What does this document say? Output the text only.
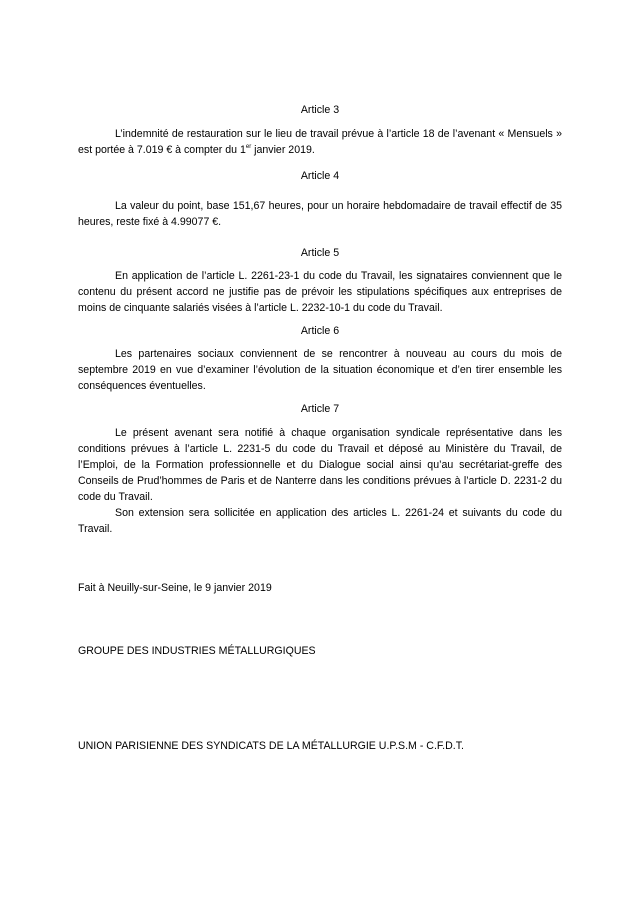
Article 3
L’indemnité de restauration sur le lieu de travail prévue à l’article 18 de l’avenant « Mensuels » est portée à 7.019 € à compter du 1er janvier 2019.
Article 4
La valeur du point, base 151,67 heures, pour un horaire hebdomadaire de travail effectif de 35 heures, reste fixé à 4.99077 €.
Article 5
En application de l’article L. 2261-23-1 du code du Travail, les signataires conviennent que le contenu du présent accord ne justifie pas de prévoir les stipulations spécifiques aux entreprises de moins de cinquante salariés visées à l’article L. 2232-10-1 du code du Travail.
Article 6
Les partenaires sociaux conviennent de se rencontrer à nouveau au cours du mois de septembre 2019 en vue d’examiner l’évolution de la situation économique et d’en tirer ensemble les conséquences éventuelles.
Article 7
Le présent avenant sera notifié à chaque organisation syndicale représentative dans les conditions prévues à l’article L. 2231-5 du code du Travail et déposé au Ministère du Travail, de l’Emploi, de la Formation professionnelle et du Dialogue social ainsi qu’au secrétariat-greffe des Conseils de Prud’hommes de Paris et de Nanterre dans les conditions prévues à l’article D. 2231-2 du code du Travail.
Son extension sera sollicitée en application des articles L. 2261-24 et suivants du code du Travail.
Fait à Neuilly-sur-Seine, le 9 janvier 2019
GROUPE DES INDUSTRIES MÉTALLURGIQUES
UNION PARISIENNE DES SYNDICATS DE LA MÉTALLURGIE U.P.S.M - C.F.D.T.
